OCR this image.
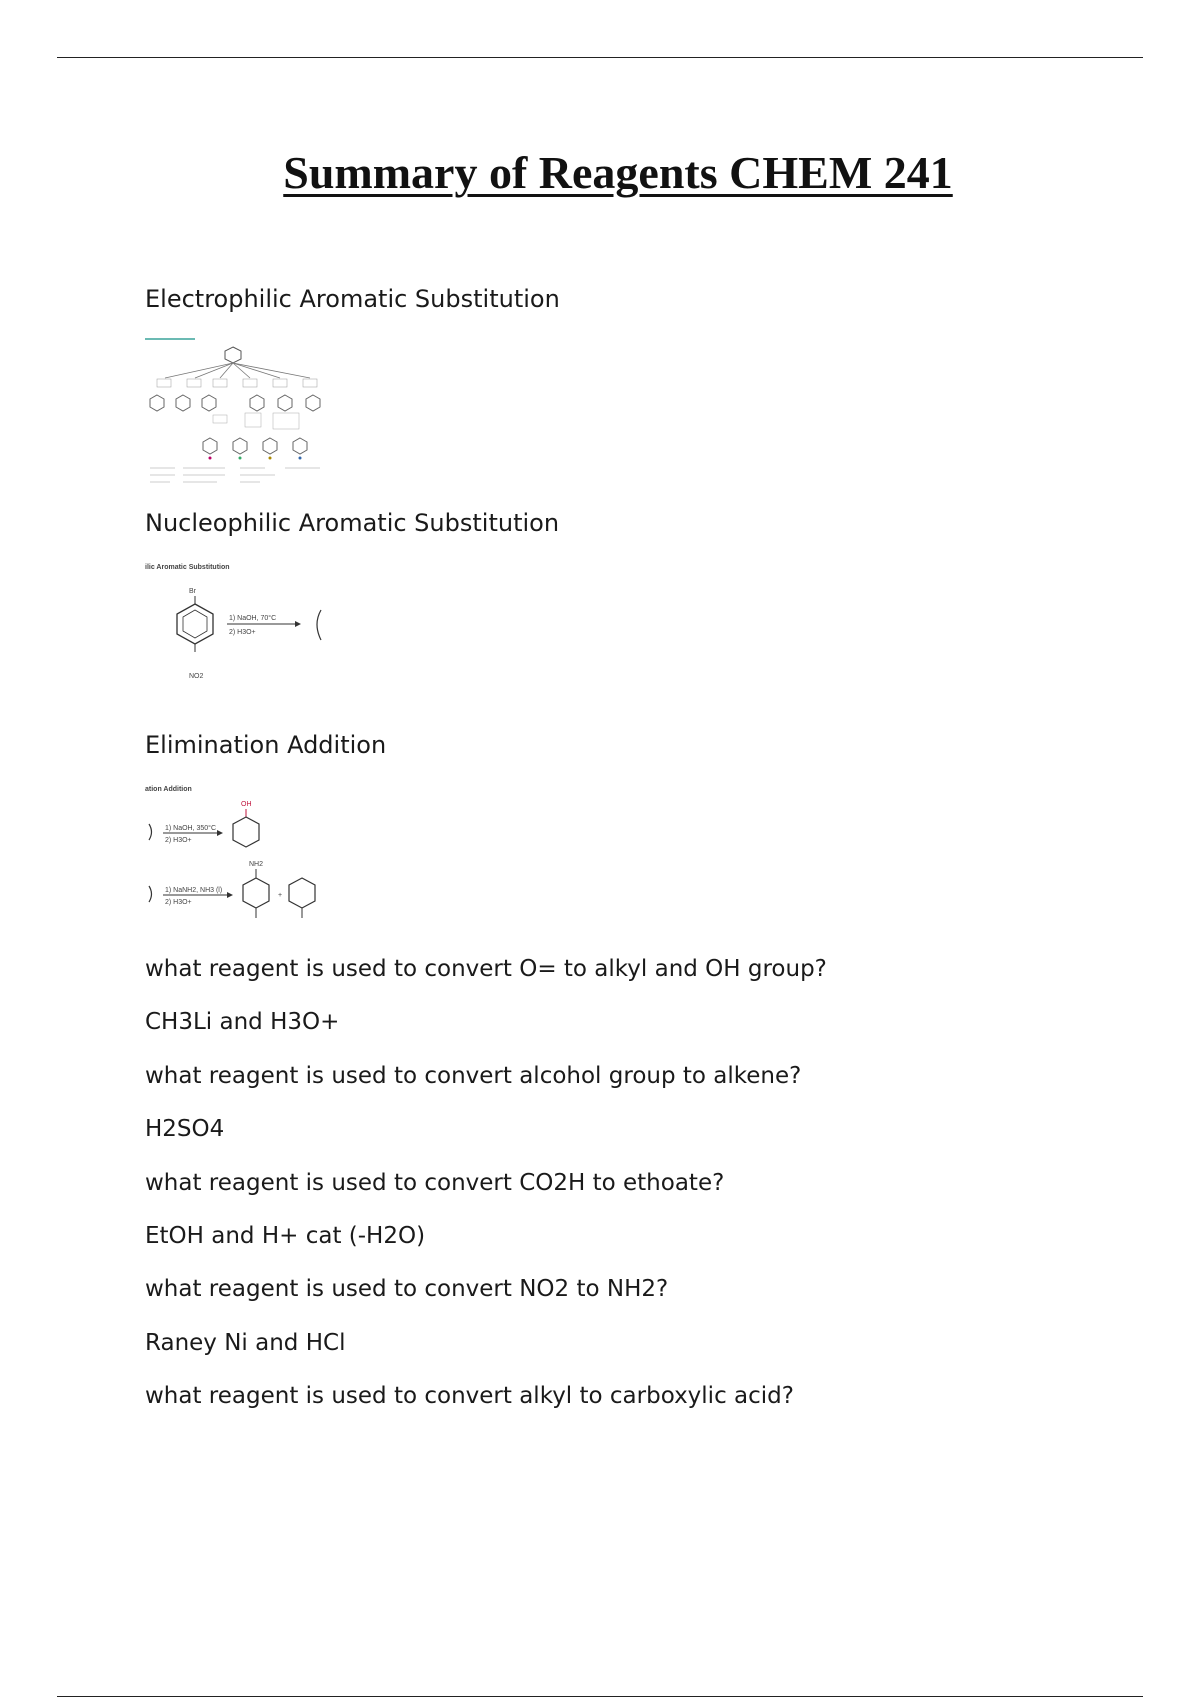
Summary of Reagents CHEM 241
Electrophilic Aromatic Substitution
Nucleophilic Aromatic Substitution
ilic Aromatic Substitution
Br
NO2
1) NaOH, 70°C
2) H3O+
Elimination Addition
ation Addition
1) NaOH, 350°C
2) H3O+
OH
1) NaNH2, NH3 (l)
2) H3O+
NH2
+
what reagent is used to convert O= to alkyl and OH group?
CH3Li and H3O+
what reagent is used to convert alcohol group to alkene?
H2SO4
what reagent is used to convert CO2H to ethoate?
EtOH and H+ cat (-H2O)
what reagent is used to convert NO2 to NH2?
Raney Ni and HCl
what reagent is used to convert alkyl to carboxylic acid?
